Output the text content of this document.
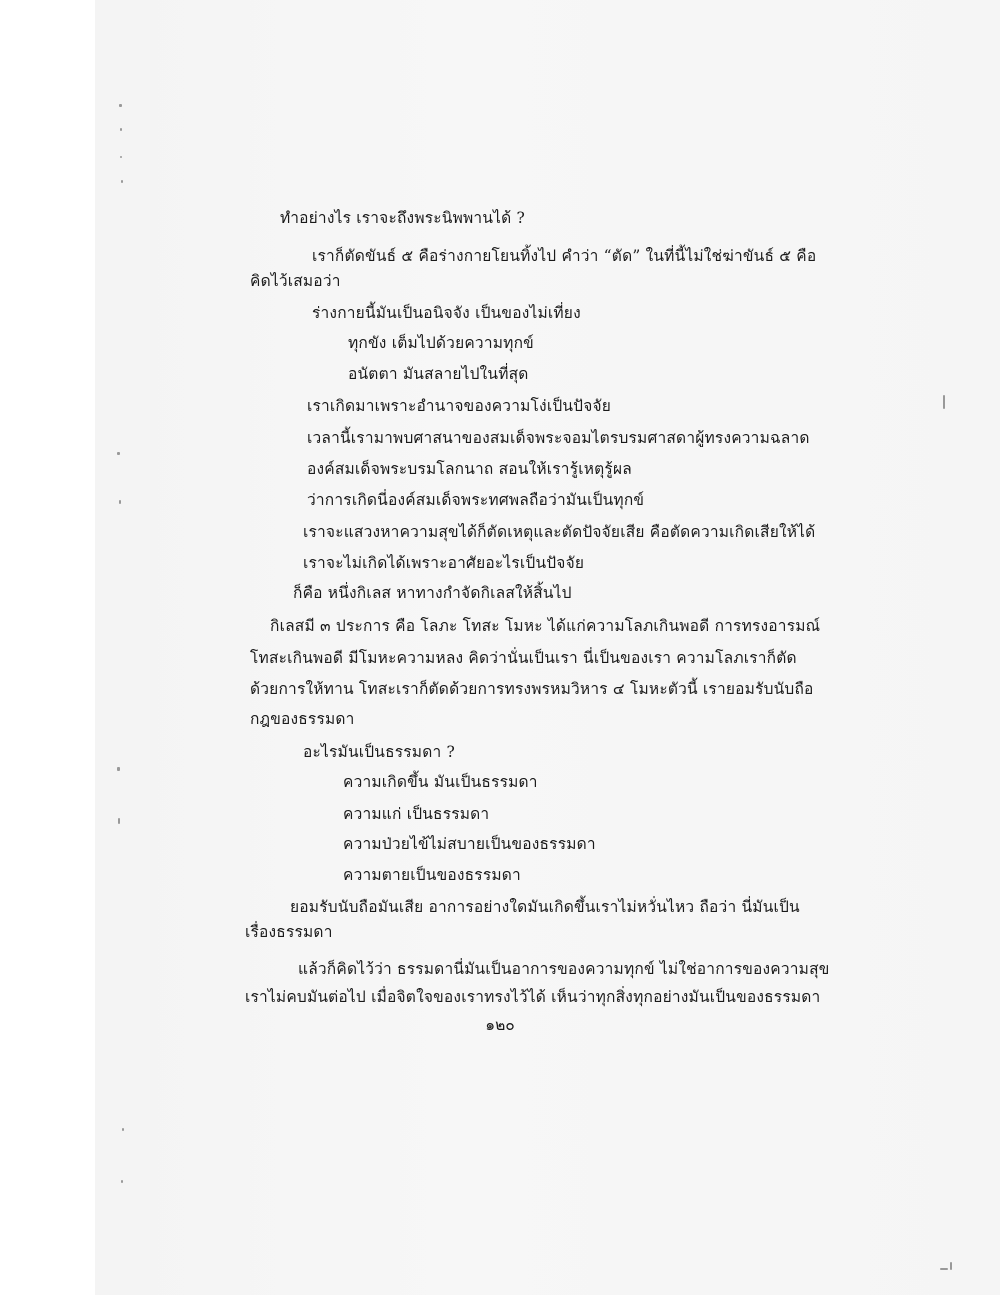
ทำอย่างไร เราจะถึงพระนิพพานได้ ?
เราก็ตัดขันธ์ ๕ คือร่างกายโยนทิ้งไป คำว่า “ตัด” ในที่นี้ไม่ใช่ฆ่าขันธ์ ๕ คือ
คิดไว้เสมอว่า
ร่างกายนี้มันเป็นอนิจจัง เป็นของไม่เที่ยง
ทุกขัง เต็มไปด้วยความทุกข์
อนัตตา มันสลายไปในที่สุด
เราเกิดมาเพราะอำนาจของความโง่เป็นปัจจัย
เวลานี้เรามาพบศาสนาของสมเด็จพระจอมไตรบรมศาสดาผู้ทรงความฉลาด
องค์สมเด็จพระบรมโลกนาถ สอนให้เรารู้เหตุรู้ผล
ว่าการเกิดนี่องค์สมเด็จพระทศพลถือว่ามันเป็นทุกข์
เราจะแสวงหาความสุขได้ก็ตัดเหตุและตัดปัจจัยเสีย คือตัดความเกิดเสียให้ได้
เราจะไม่เกิดได้เพราะอาศัยอะไรเป็นปัจจัย
ก็คือ หนึ่งกิเลส หาทางกำจัดกิเลสให้สิ้นไป
กิเลสมี ๓ ประการ คือ โลภะ โทสะ โมหะ ได้แก่ความโลภเกินพอดี การทรงอารมณ์
โทสะเกินพอดี มีโมหะความหลง คิดว่านั่นเป็นเรา นี่เป็นของเรา ความโลภเราก็ตัด
ด้วยการให้ทาน โทสะเราก็ตัดด้วยการทรงพรหมวิหาร ๔ โมหะตัวนี้ เรายอมรับนับถือ
กฎของธรรมดา
อะไรมันเป็นธรรมดา ?
ความเกิดขึ้น มันเป็นธรรมดา
ความแก่ เป็นธรรมดา
ความป่วยไข้ไม่สบายเป็นของธรรมดา
ความตายเป็นของธรรมดา
ยอมรับนับถือมันเสีย อาการอย่างใดมันเกิดขึ้นเราไม่หวั่นไหว ถือว่า นี่มันเป็น
เรื่องธรรมดา
แล้วก็คิดไว้ว่า ธรรมดานี่มันเป็นอาการของความทุกข์ ไม่ใช่อาการของความสุข
เราไม่คบมันต่อไป เมื่อจิตใจของเราทรงไว้ได้ เห็นว่าทุกสิ่งทุกอย่างมันเป็นของธรรมดา
๑๒๐
